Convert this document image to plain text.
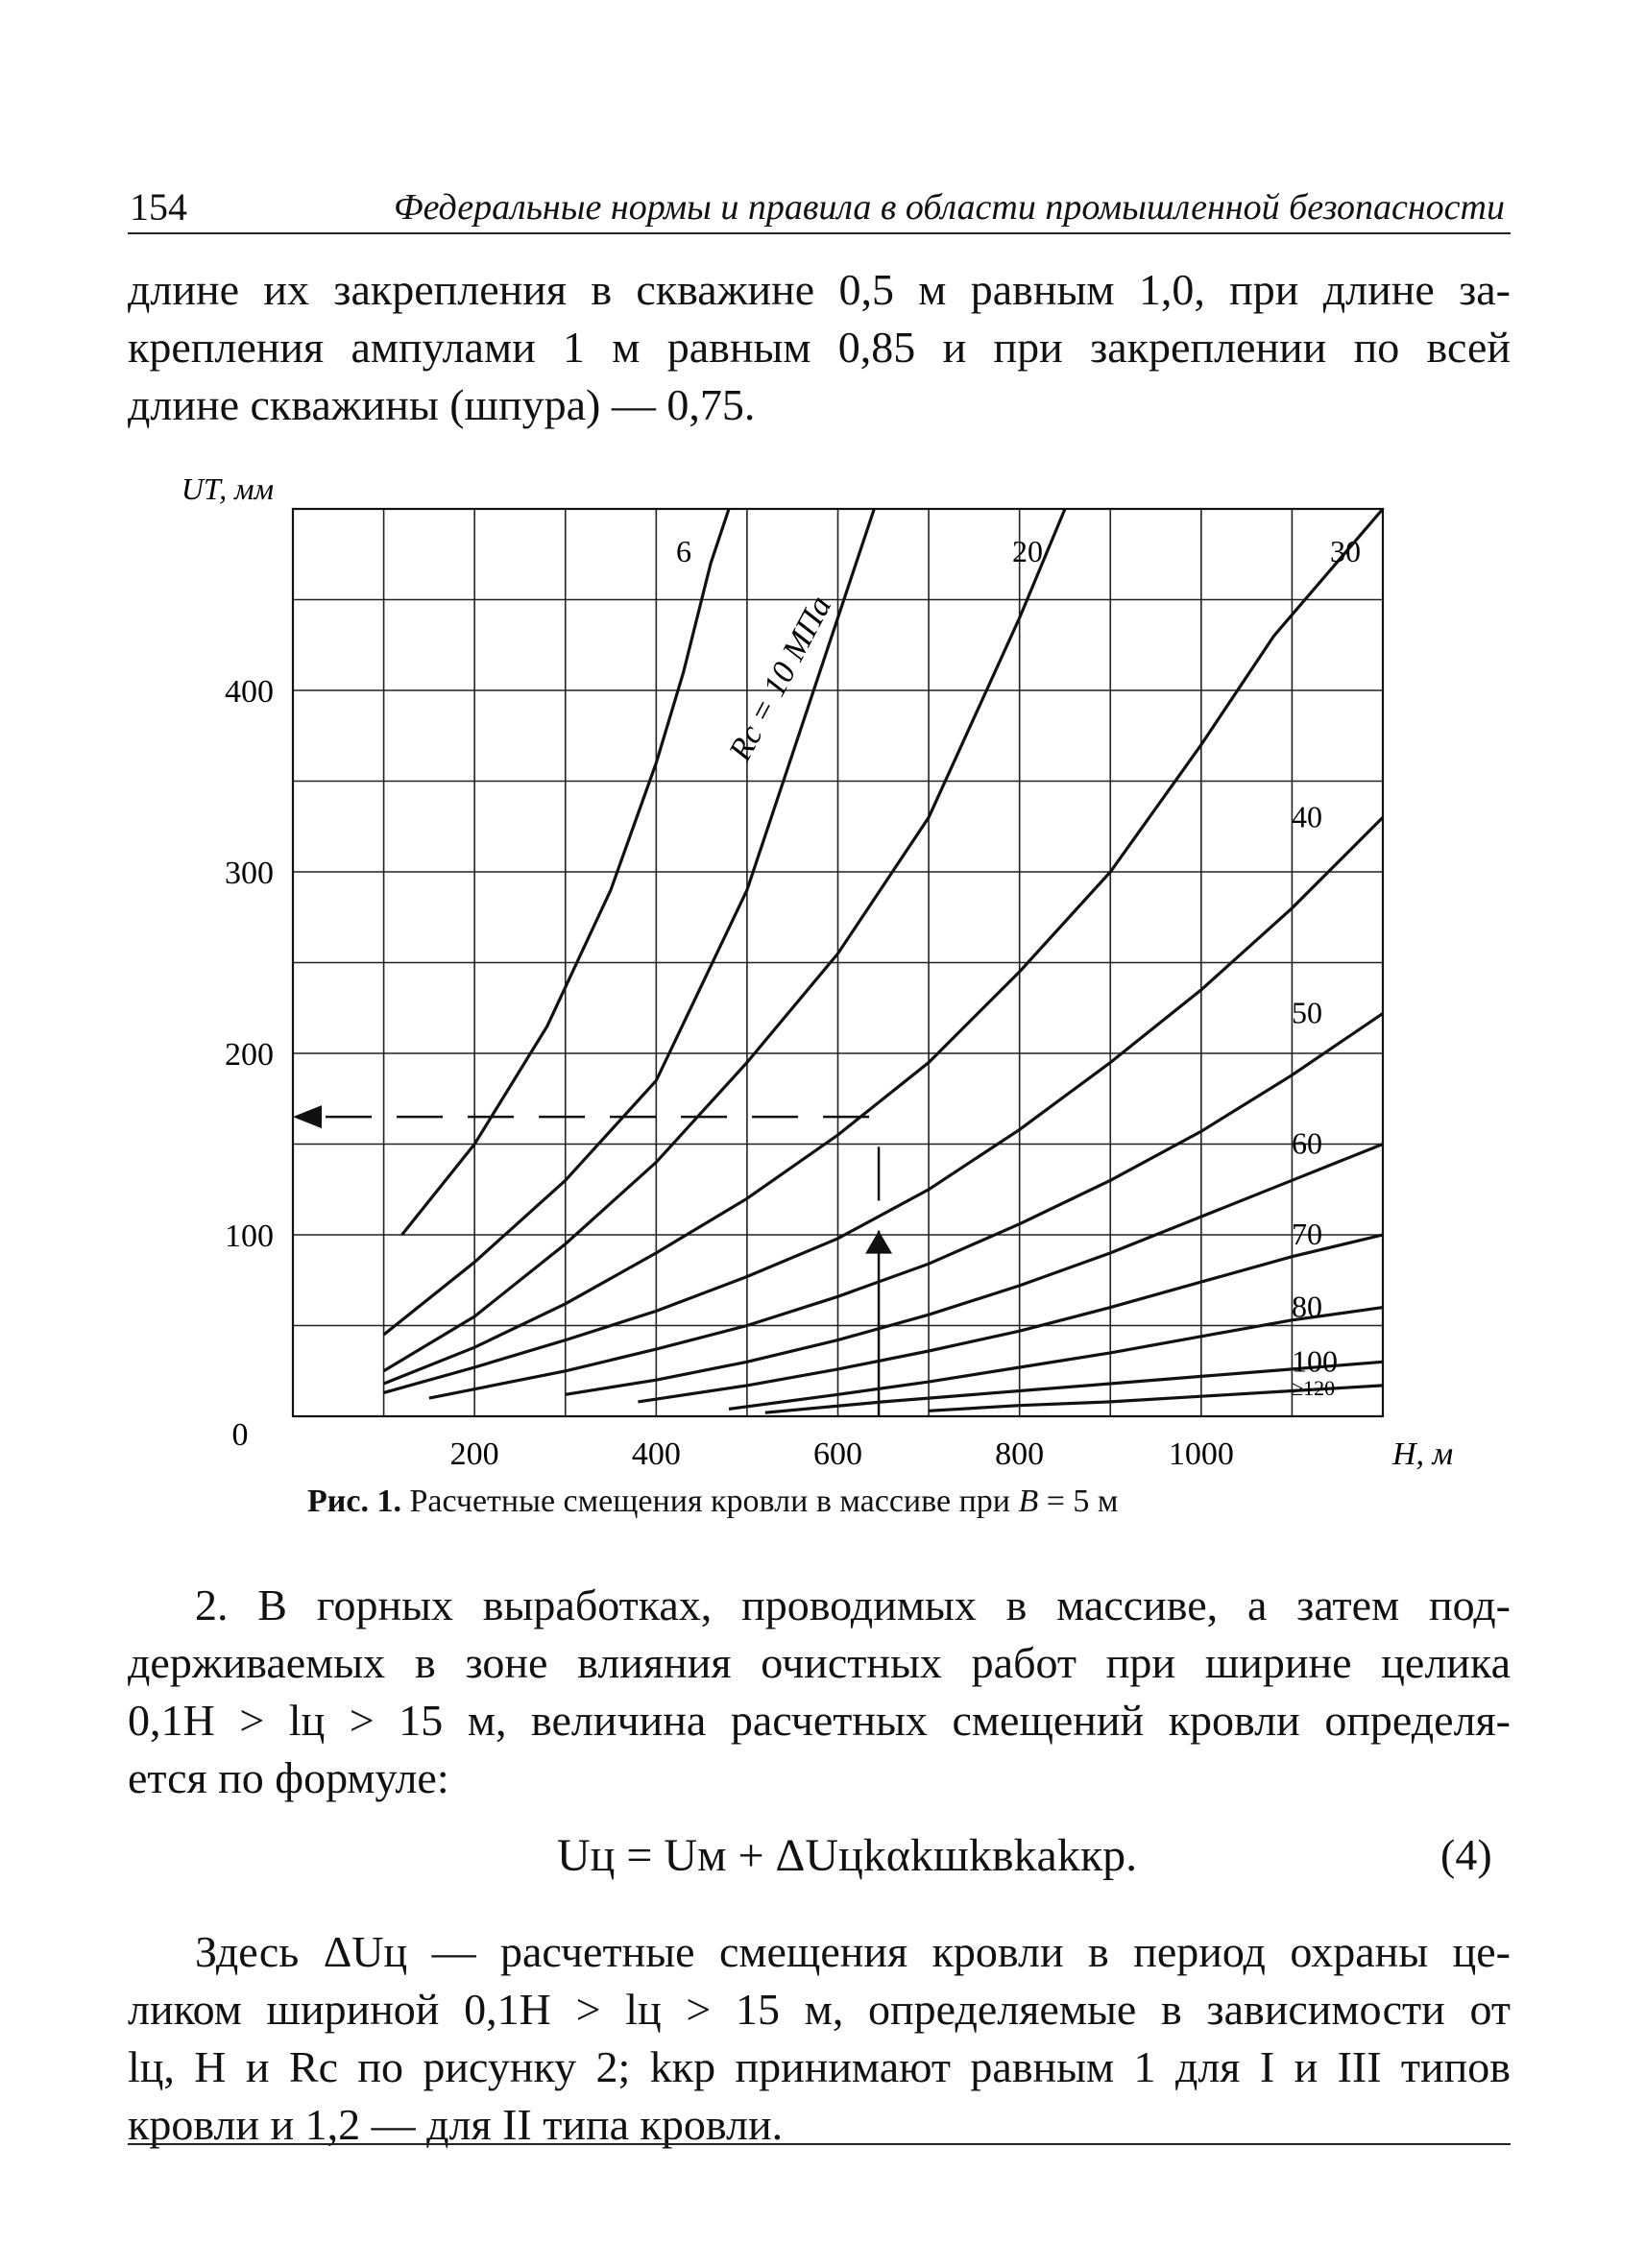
154	Федеральные нормы и правила в области промышленной безопасности

длине их закрепления в скважине 0,5 м равным 1,0, при длине за-
крепления ампулами 1 м равным 0,85 и при закреплении по всей
длине скважины (шпура) — 0,75.

200	400	600	800	1000
100
200
300
400
0
H, м
UТ, мм
6
Rс = 10 МПа
20	30
40
50
60
70
80
100
≥120
Рис. 1. Расчетные смещения кровли в массиве при B = 5 м

2. В горных выработках, проводимых в массиве, а затем под-
держиваемых в зоне влияния очистных работ при ширине целика
0,1H > lц > 15 м, величина расчетных смещений кровли определя-
ется по формуле:

Uц = Uм + ΔUцkαkшkвkаkкр.	(4)

Здесь ΔUц — расчетные смещения кровли в период охраны це-
ликом шириной 0,1H > lц > 15 м, определяемые в зависимости от
lц, H и Rс по рисунку 2; kкр принимают равным 1 для I и III типов
кровли и 1,2 — для II типа кровли.
